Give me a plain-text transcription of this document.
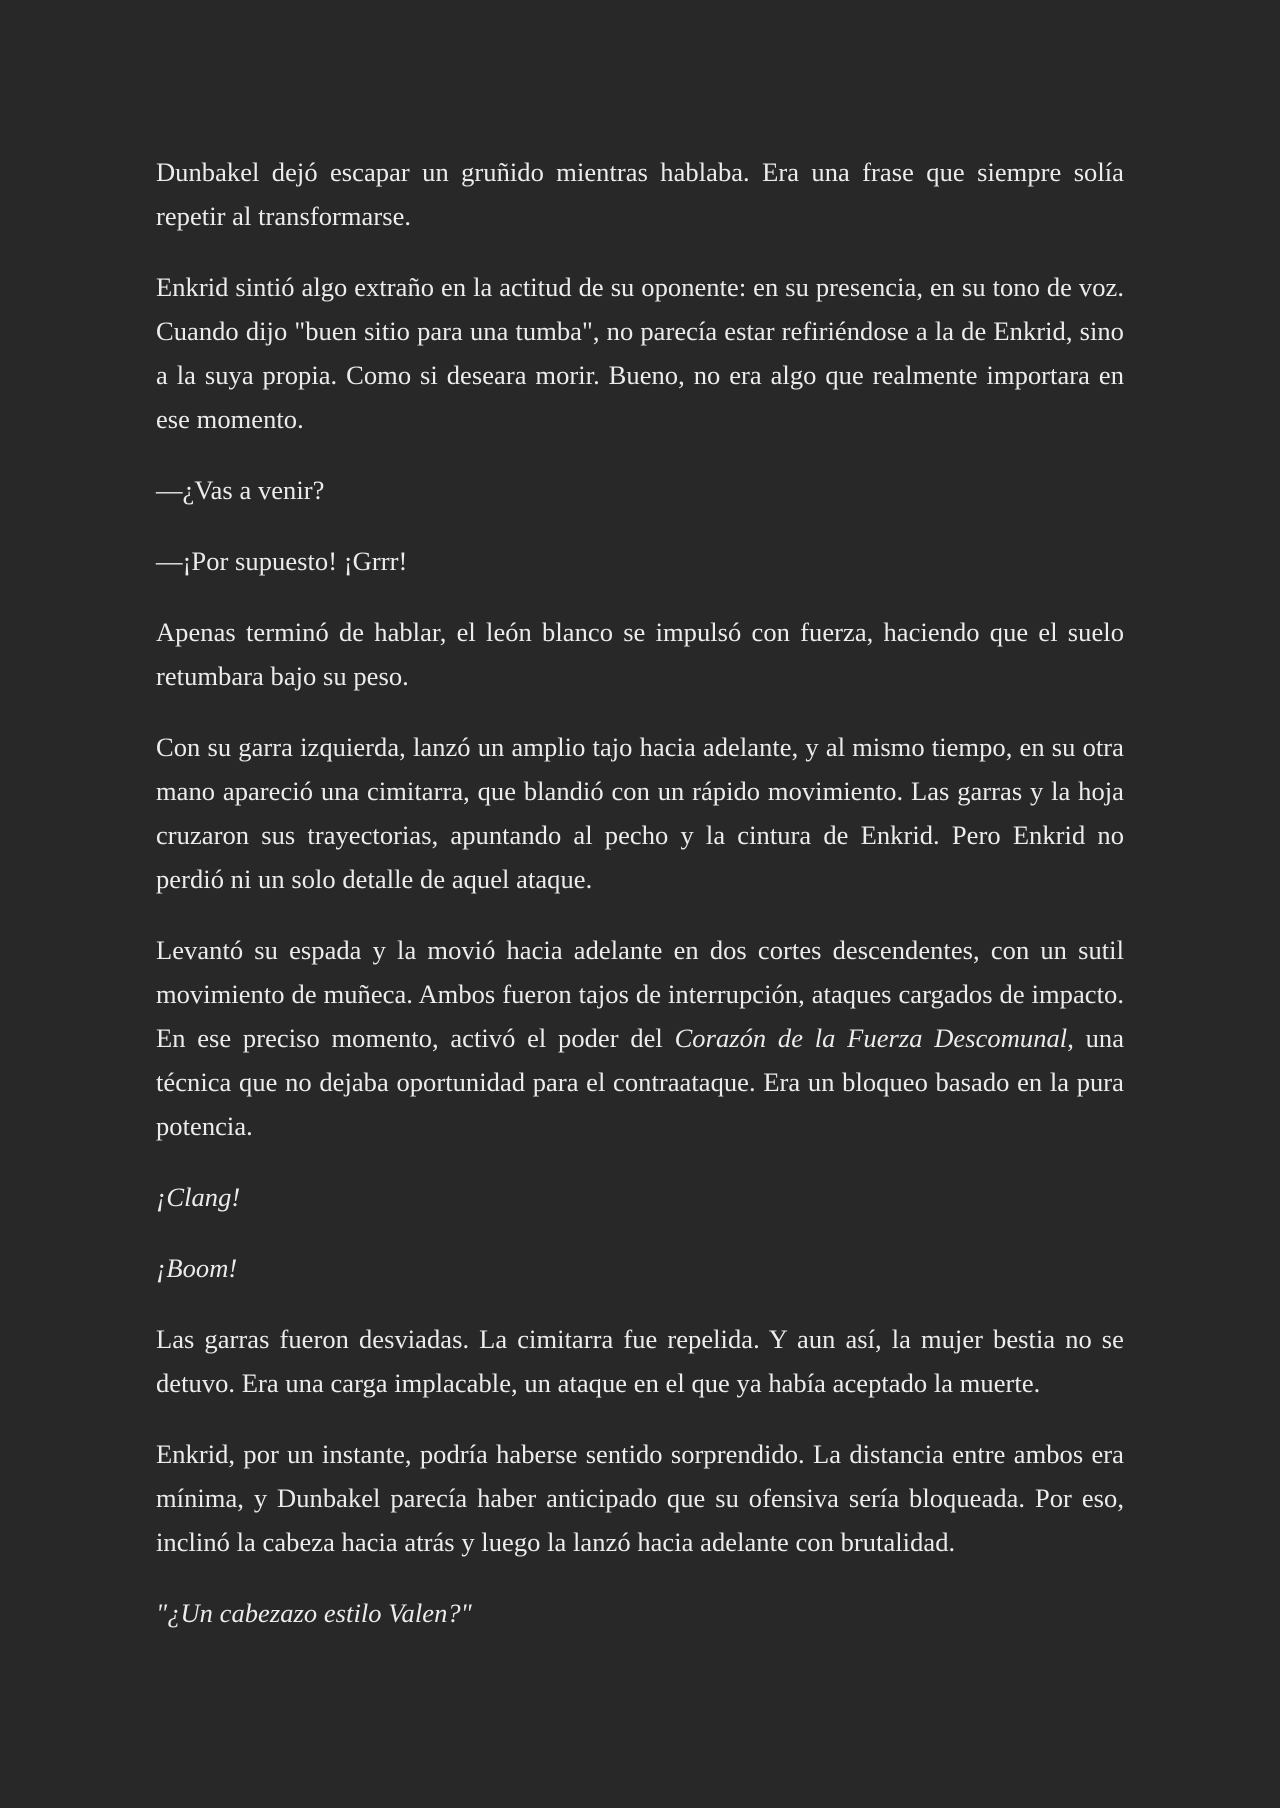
Dunbakel dejó escapar un gruñido mientras hablaba. Era una frase que siempre solía repetir al transformarse.

Enkrid sintió algo extraño en la actitud de su oponente: en su presencia, en su tono de voz. Cuando dijo "buen sitio para una tumba", no parecía estar refiriéndose a la de Enkrid, sino a la suya propia. Como si deseara morir. Bueno, no era algo que realmente importara en ese momento.

—¿Vas a venir?

—¡Por supuesto! ¡Grrr!

Apenas terminó de hablar, el león blanco se impulsó con fuerza, haciendo que el suelo retumbara bajo su peso.

Con su garra izquierda, lanzó un amplio tajo hacia adelante, y al mismo tiempo, en su otra mano apareció una cimitarra, que blandió con un rápido movimiento. Las garras y la hoja cruzaron sus trayectorias, apuntando al pecho y la cintura de Enkrid. Pero Enkrid no perdió ni un solo detalle de aquel ataque.

Levantó su espada y la movió hacia adelante en dos cortes descendentes, con un sutil movimiento de muñeca. Ambos fueron tajos de interrupción, ataques cargados de impacto. En ese preciso momento, activó el poder del Corazón de la Fuerza Descomunal, una técnica que no dejaba oportunidad para el contraataque. Era un bloqueo basado en la pura potencia.

¡Clang!

¡Boom!

Las garras fueron desviadas. La cimitarra fue repelida. Y aun así, la mujer bestia no se detuvo. Era una carga implacable, un ataque en el que ya había aceptado la muerte.

Enkrid, por un instante, podría haberse sentido sorprendido. La distancia entre ambos era mínima, y Dunbakel parecía haber anticipado que su ofensiva sería bloqueada. Por eso, inclinó la cabeza hacia atrás y luego la lanzó hacia adelante con brutalidad.

"¿Un cabezazo estilo Valen?"
